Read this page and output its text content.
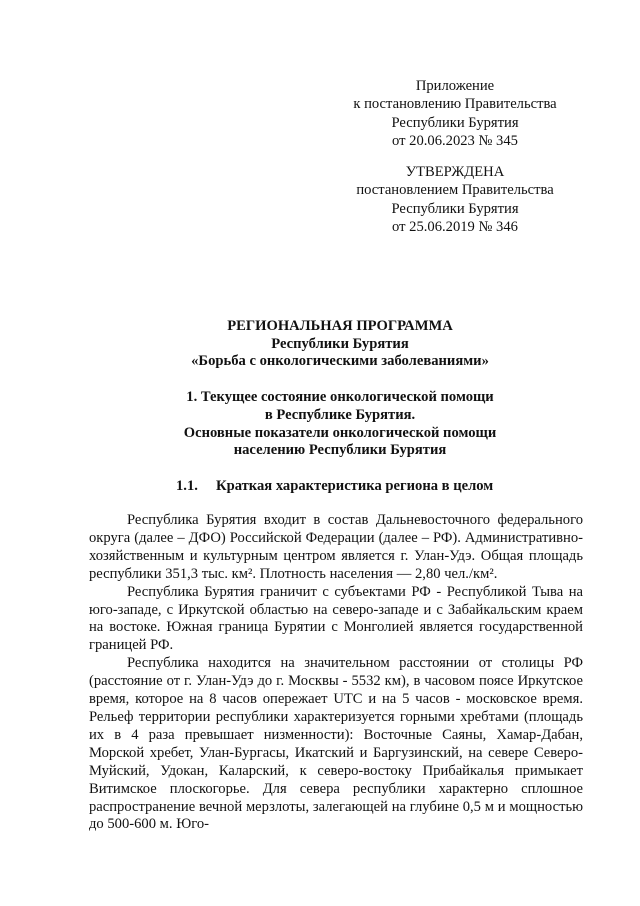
Приложение
к постановлению Правительства
Республики Бурятия
от 20.06.2023 № 345
УТВЕРЖДЕНА
постановлением Правительства
Республики Бурятия
от 25.06.2019 № 346
РЕГИОНАЛЬНАЯ ПРОГРАММА
Республики Бурятия
«Борьба с онкологическими заболеваниями»
1. Текущее состояние онкологической помощи
в Республике Бурятия.
Основные показатели онкологической помощи
населению Республики Бурятия
1.1. Краткая характеристика региона в целом

Республика Бурятия входит в состав Дальневосточного федерального округа (далее – ДФО) Российской Федерации (далее – РФ). Административно-хозяйственным и культурным центром является г. Улан-Удэ. Общая площадь республики 351,3 тыс. км². Плотность населения — 2,80 чел./км².

Республика Бурятия граничит с субъектами РФ - Республикой Тыва на юго-западе, с Иркутской областью на северо-западе и с Забайкальским краем на востоке. Южная граница Бурятии с Монголией является государственной границей РФ.

Республика находится на значительном расстоянии от столицы РФ (расстояние от г. Улан-Удэ до г. Москвы - 5532 км), в часовом поясе Иркутское время, которое на 8 часов опережает UTC и на 5 часов - московское время. Рельеф территории республики характеризуется горными хребтами (площадь их в 4 раза превышает низменности): Восточные Саяны, Хамар-Дабан, Морской хребет, Улан-Бургасы, Икатский и Баргузинский, на севере Северо-Муйский, Удокан, Каларский, к северо-востоку Прибайкалья примыкает Витимское плоскогорье. Для севера республики характерно сплошное распространение вечной мерзлоты, залегающей на глубине 0,5 м и мощностью до 500-600 м. Юго-
